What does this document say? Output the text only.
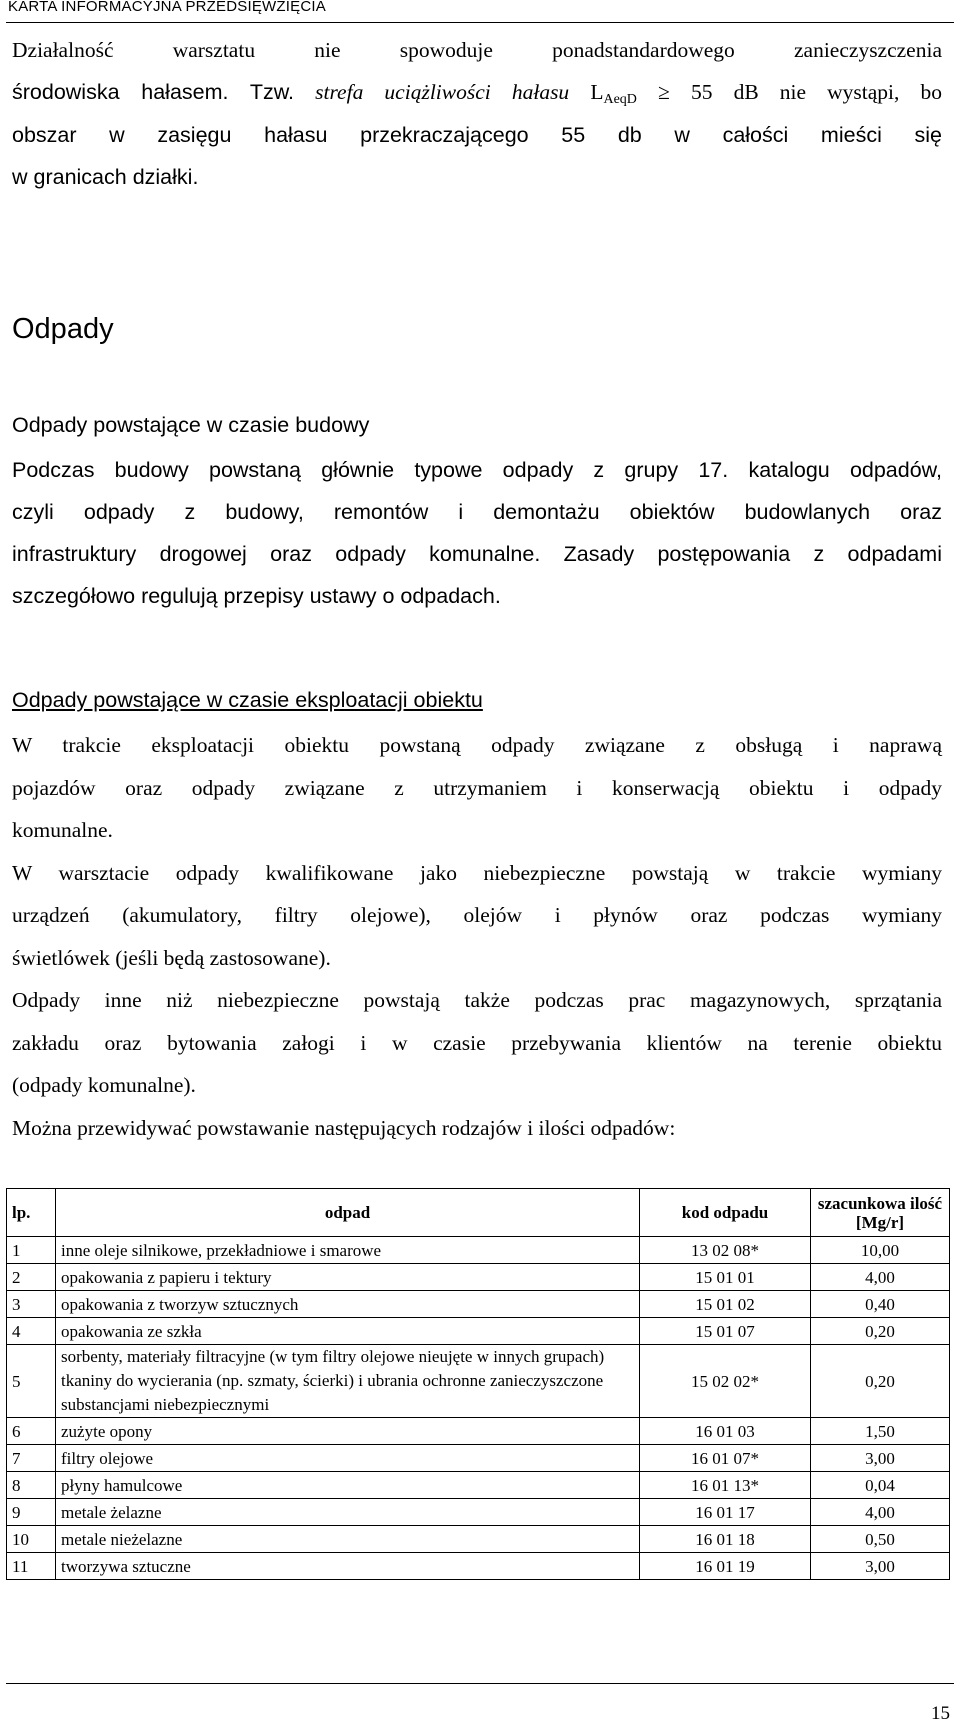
KARTA INFORMACYJNA PRZEDSIĘWZIĘCIA
Działalność warsztatu nie spowoduje ponadstandardowego zanieczyszczenia
środowiska hałasem. Tzw. strefa uciążliwości hałasu $L_{AeqD} \ge 55$ dB nie wystąpi, bo
obszar w zasięgu hałasu przekraczającego 55 db w całości mieści się
w granicach działki.
Odpady
Odpady powstające w czasie budowy
Podczas budowy powstaną głównie typowe odpady z grupy 17. katalogu odpadów,
czyli odpady z budowy, remontów i demontażu obiektów budowlanych oraz
infrastruktury drogowej oraz odpady komunalne. Zasady postępowania z odpadami
szczegółowo regulują przepisy ustawy o odpadach.
Odpady powstające w czasie eksploatacji obiektu
W trakcie eksploatacji obiektu powstaną odpady związane z obsługą i naprawą
pojazdów oraz odpady związane z utrzymaniem i konserwacją obiektu i odpady
komunalne.
W warsztacie odpady kwalifikowane jako niebezpieczne powstają w trakcie wymiany
urządzeń (akumulatory, filtry olejowe), olejów i płynów oraz podczas wymiany
świetlówek (jeśli będą zastosowane).
Odpady inne niż niebezpieczne powstają także podczas prac magazynowych, sprzątania
zakładu oraz bytowania załogi i w czasie przebywania klientów na terenie obiektu
(odpady komunalne).
Można przewidywać powstawanie następujących rodzajów i ilości odpadów:
lp.	odpad	kod odpadu	szacunkowa ilość
[Mg/r]
1	inne oleje silnikowe, przekładniowe i smarowe	13 02 08*	10,00
2	opakowania z papieru i tektury	15 01 01	4,00
3	opakowania z tworzyw sztucznych	15 01 02	0,40
4	opakowania ze szkła	15 01 07	0,20
5	sorbenty, materiały filtracyjne (w tym filtry olejowe nieujęte w innych grupach) tkaniny do wycierania (np. szmaty, ścierki) i ubrania ochronne zanieczyszczone substancjami niebezpiecznymi	15 02 02*	0,20
6	zużyte opony	16 01 03	1,50
7	filtry olejowe	16 01 07*	3,00
8	płyny hamulcowe	16 01 13*	0,04
9	metale żelazne	16 01 17	4,00
10	metale nieżelazne	16 01 18	0,50
11	tworzywa sztuczne	16 01 19	3,00
15
